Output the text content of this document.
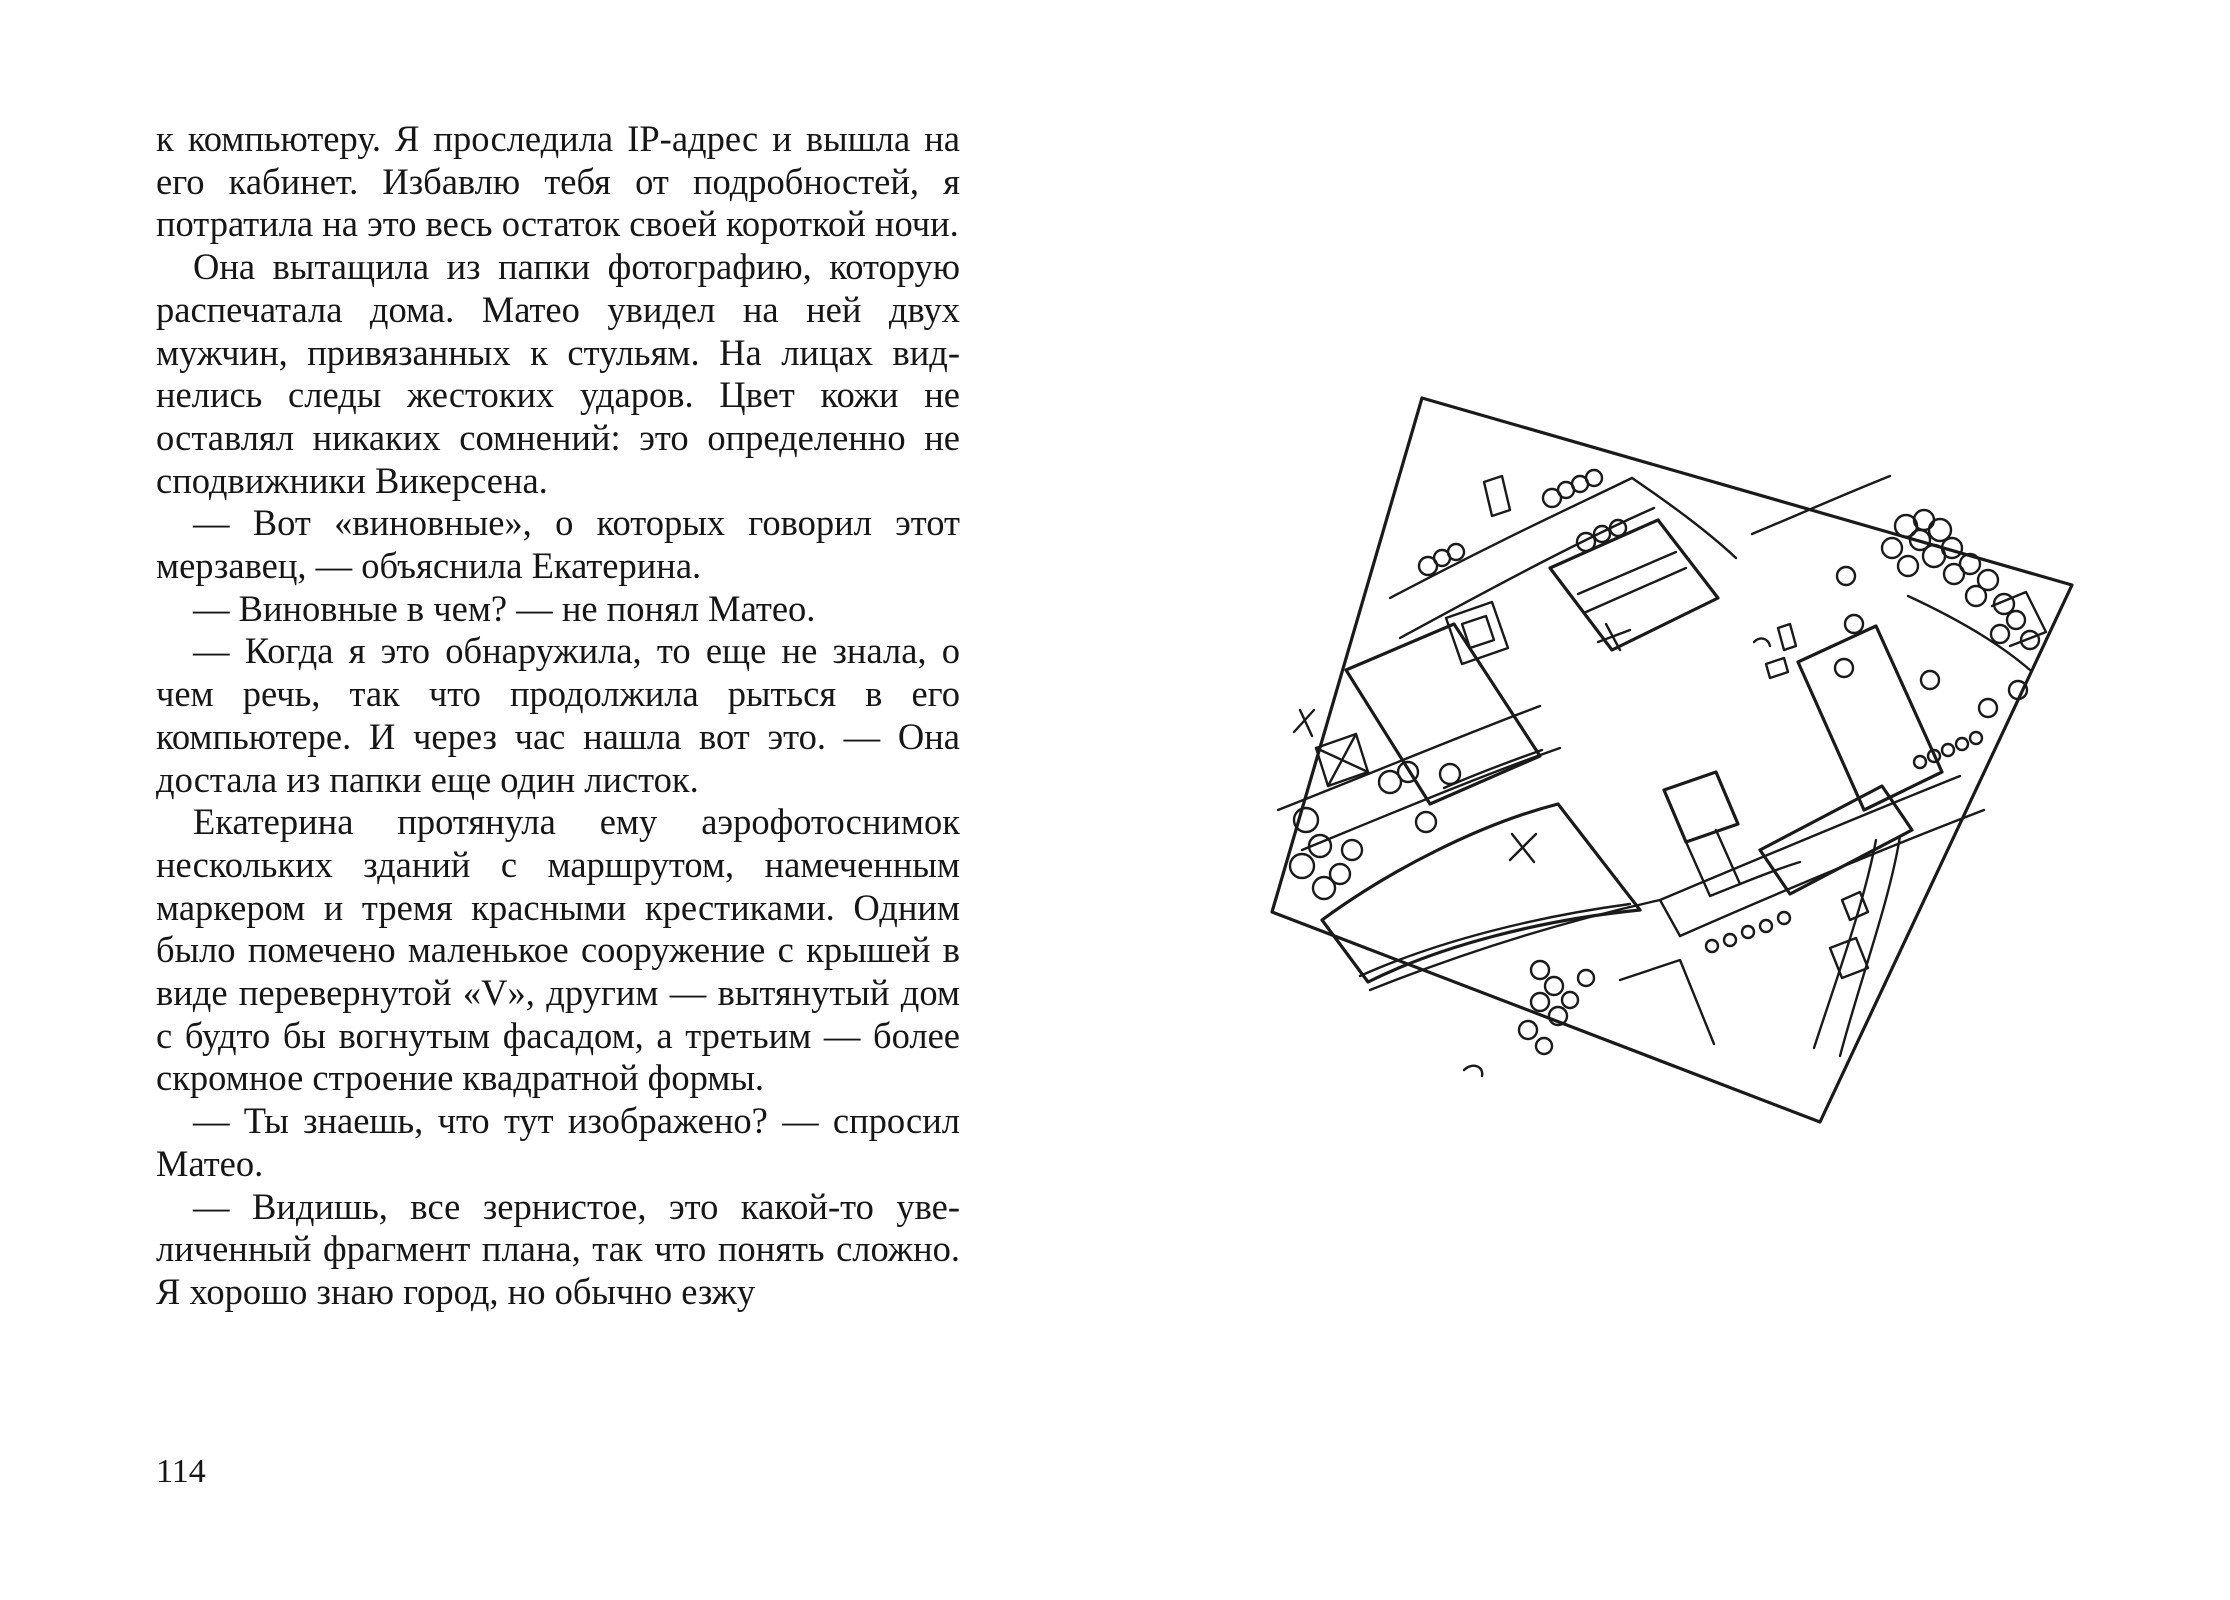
к компьютеру. Я проследила IP-адрес и вышла на его кабинет. Избавлю тебя от подробностей, я потратила на это весь остаток своей короткой ночи.

Она вытащила из папки фотографию, которую распечатала дома. Матео увидел на ней двух мужчин, привязанных к стульям. На лицах виднелись следы жестоких ударов. Цвет кожи не оставлял никаких сомнений: это определенно не сподвижники Викерсена.

— Вот «виновные», о которых говорил этот мерзавец, — объяснила Екатерина.

— Виновные в чем? — не понял Матео.

— Когда я это обнаружила, то еще не знала, о чем речь, так что продолжила рыться в его компьютере. И через час нашла вот это. — Она достала из папки еще один листок.

Екатерина протянула ему аэрофотоснимок нескольких зданий с маршрутом, намеченным маркером и тремя красными крестиками. Одним было помечено маленькое сооружение с крышей в виде перевернутой «V», другим — вытянутый дом с будто бы вогнутым фасадом, а третьим — более скромное строение квадратной формы.

— Ты знаешь, что тут изображено? — спросил Матео.

— Видишь, все зернистое, это какой-то увеличенный фрагмент плана, так что понять сложно. Я хорошо знаю город, но обычно езжу

114
